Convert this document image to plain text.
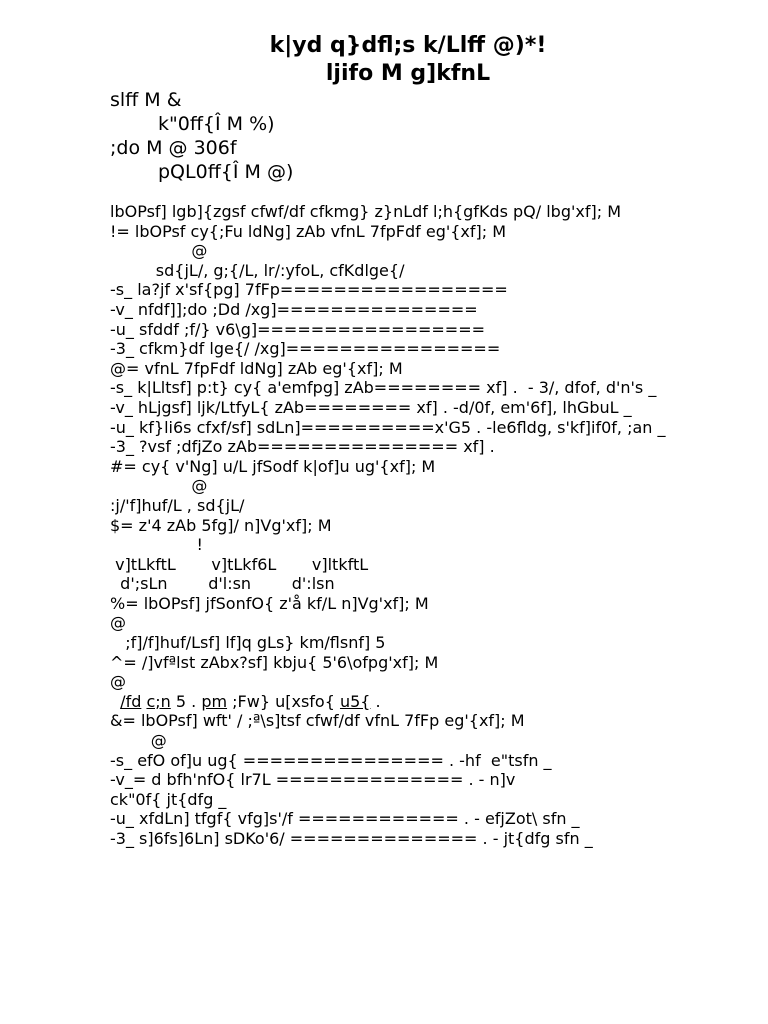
k|yd q}dfl;s k/Llff @)*!
ljifo M g]kfnL
slff M &
k"0ff{Î M %)
;do M @ 306f
pQL0ff{Î M @)
lbOPsf] lgb]{zgsf cfwf/df cfkmg} z}nLdf l;h{gfKds pQ/ lbg'xf]; M
!= lbOPsf cy{;Fu ldNg] zAb vfnL 7fpFdf eg'{xf]; M
@
sd{jL/, g;{/L, lr/:yfoL, cfKdlge{/
-s_ la?jf x'sf{pg] 7fFp=================
-v_ nfdf]];do ;Dd /xg]===============
-u_ sfddf ;f/} v6\g]=================
-3_ cfkm}df lge{/ /xg]================
@= vfnL 7fpFdf ldNg] zAb eg'{xf]; M
-s_ k|Lltsf] p:t} cy{ a'emfpg] zAb======== xf] .  - 3/, dfof, d'n's _
-v_ hLjgsf] ljk/LtfyL{ zAb======== xf] . -d/0f, em'6f], lhGbuL _
-u_ kf}li6s cfxf/sf] sdLn]==========x'G5 . -le6fldg, s'kf]if0f, ;an _
-3_ ?vsf ;dfjZo zAb=============== xf] .
#= cy{ v'Ng] u/L jfSodf k|of]u ug'{xf]; M
@
:j/'f]huf/L , sd{jL/
$= z'4 zAb 5fg]/ n]Vg'xf]; M
!
v]tLkftL       v]tLkf6L       v]ltkftL
d';sLn        d'l:sn        d':lsn
%= lbOPsf] jfSonfO{ z'å kf/L n]Vg'xf]; M
@
;f]/f]huf/Lsf] lf]q gLs} km/flsnf] 5
^= /]vfªlst zAbx?sf] kbju{ 5'6\ofpg'xf]; M
@
/fd c;n 5 . pm ;Fw} u[xsfo{ u5{ .
&= lbOPsf] wft' / ;ª\s]tsf cfwf/df vfnL 7fFp eg'{xf]; M
@
-s_ efO of]u ug{ =============== . -hf  e"tsfn _
-v_= d bfh'nfO{ lr7L ============== . - n]v
ck"0f{ jt{dfg _
-u_ xfdLn] tfgf{ vfg]s'/f ============ . - efjZot\ sfn _
-3_ s]6fs]6Ln] sDKo'6/ ============== . - jt{dfg sfn _
